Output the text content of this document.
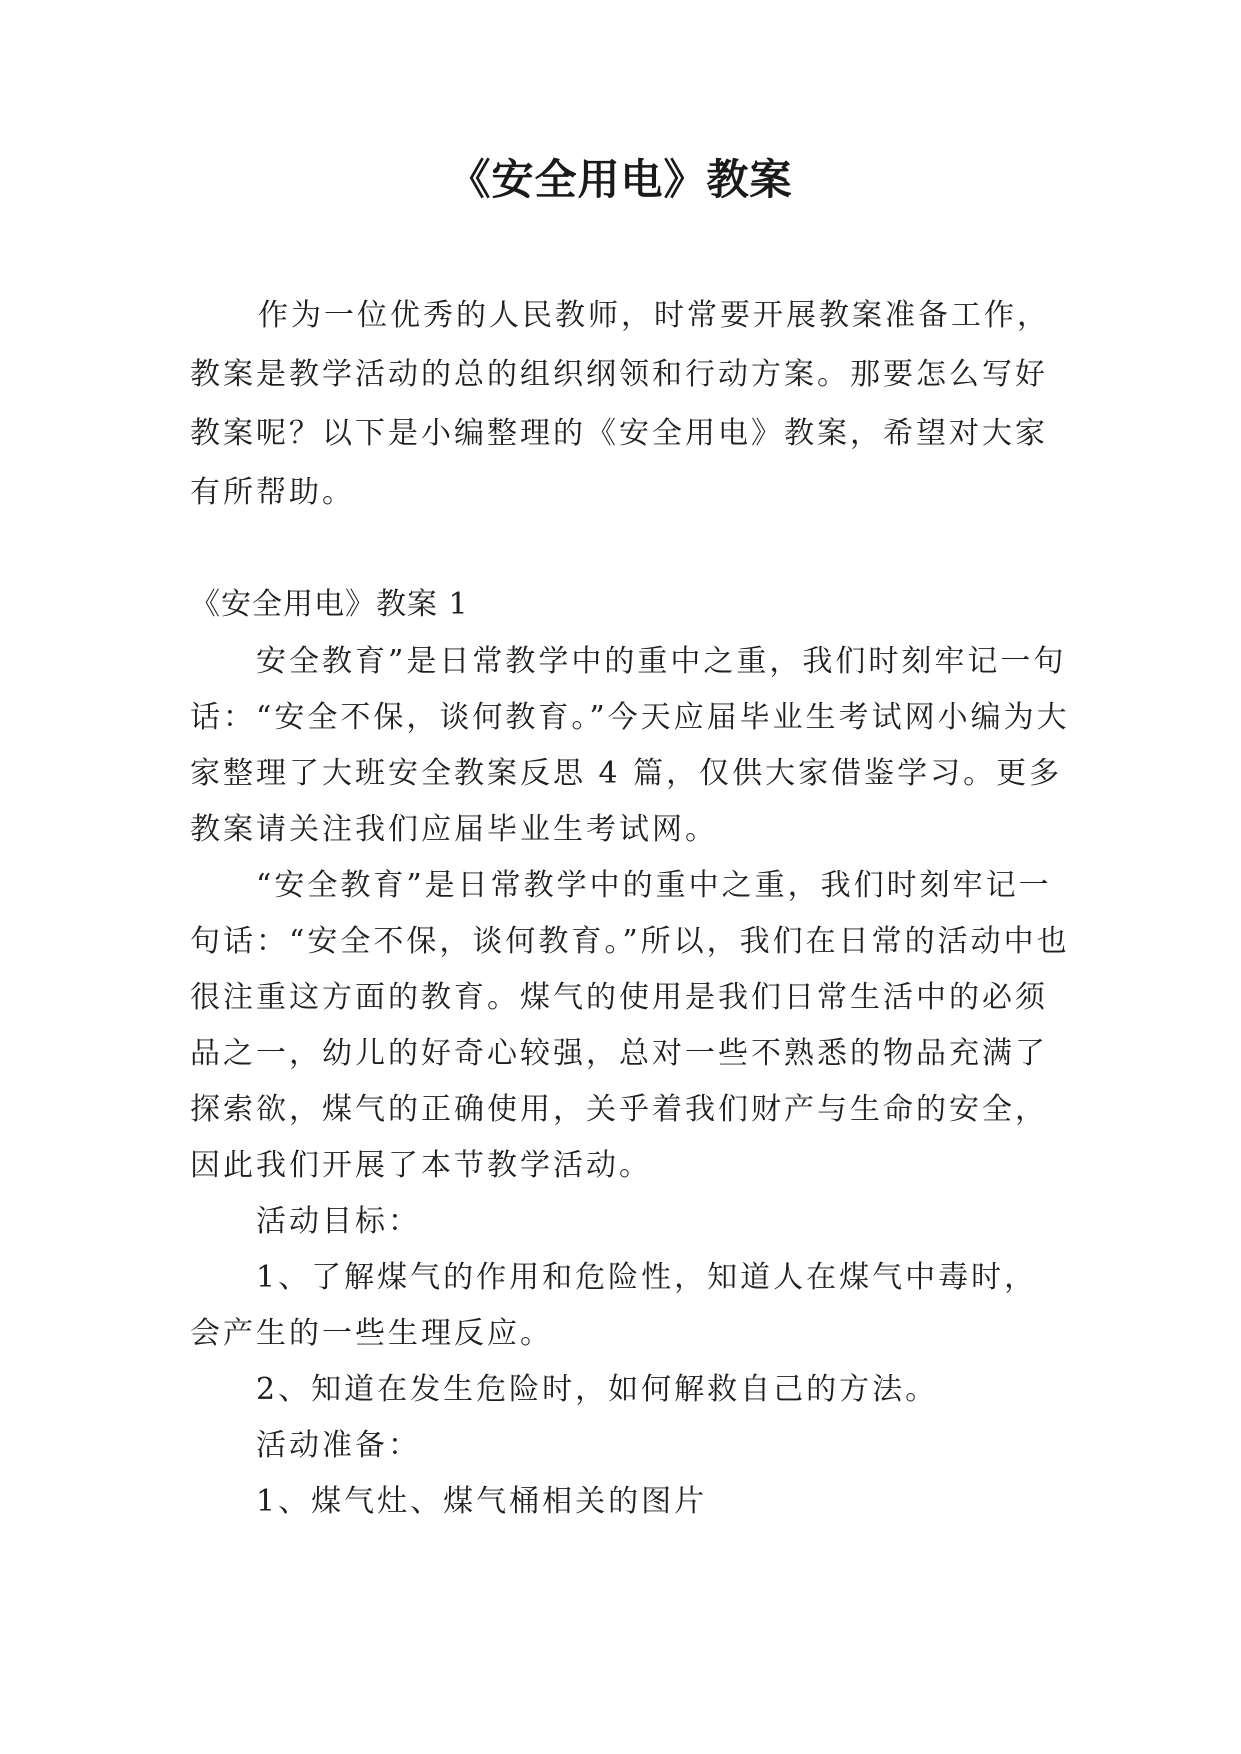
《安全用电》教案

作为一位优秀的人民教师，时常要开展教案准备工作，教案是教学活动的总的组织纲领和行动方案。那要怎么写好教案呢？以下是小编整理的《安全用电》教案，希望对大家有所帮助。

《安全用电》教案 1

安全教育”是日常教学中的重中之重，我们时刻牢记一句话：“安全不保，谈何教育。”今天应届毕业生考试网小编为大家整理了大班安全教案反思 4 篇，仅供大家借鉴学习。更多教案请关注我们应届毕业生考试网。

“安全教育”是日常教学中的重中之重，我们时刻牢记一句话：“安全不保，谈何教育。”所以，我们在日常的活动中也很注重这方面的教育。煤气的使用是我们日常生活中的必须品之一，幼儿的好奇心较强，总对一些不熟悉的物品充满了探索欲，煤气的正确使用，关乎着我们财产与生命的安全，因此我们开展了本节教学活动。

活动目标：

1、了解煤气的作用和危险性，知道人在煤气中毒时，会产生的一些生理反应。

2、知道在发生危险时，如何解救自己的方法。

活动准备：

1、煤气灶、煤气桶相关的图片
